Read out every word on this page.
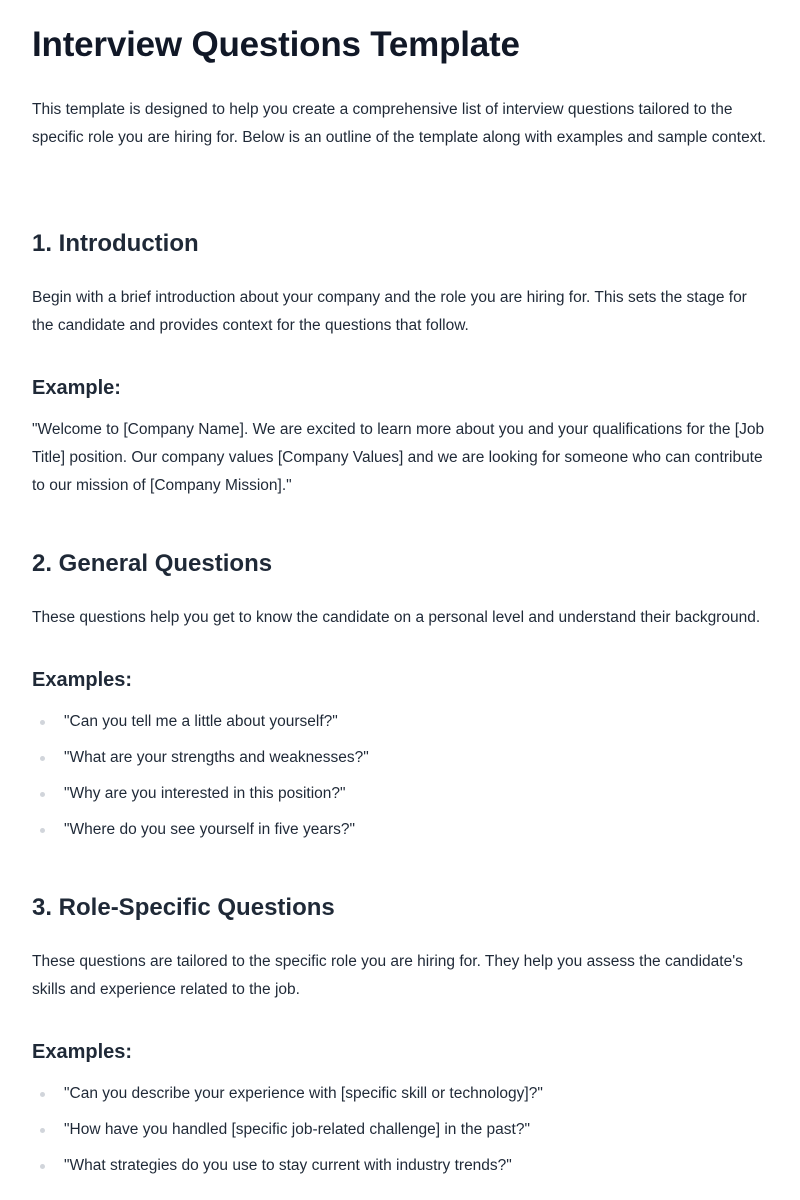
Interview Questions Template

This template is designed to help you create a comprehensive list of interview questions tailored to the specific role you are hiring for. Below is an outline of the template along with examples and sample context.

1. Introduction

Begin with a brief introduction about your company and the role you are hiring for. This sets the stage for the candidate and provides context for the questions that follow.

Example:

"Welcome to [Company Name]. We are excited to learn more about you and your qualifications for the [Job Title] position. Our company values [Company Values] and we are looking for someone who can contribute to our mission of [Company Mission]."

2. General Questions

These questions help you get to know the candidate on a personal level and understand their background.

Examples:
"Can you tell me a little about yourself?"
"What are your strengths and weaknesses?"
"Why are you interested in this position?"
"Where do you see yourself in five years?"
3. Role-Specific Questions

These questions are tailored to the specific role you are hiring for. They help you assess the candidate's skills and experience related to the job.

Examples:
"Can you describe your experience with [specific skill or technology]?"
"How have you handled [specific job-related challenge] in the past?"
"What strategies do you use to stay current with industry trends?"
